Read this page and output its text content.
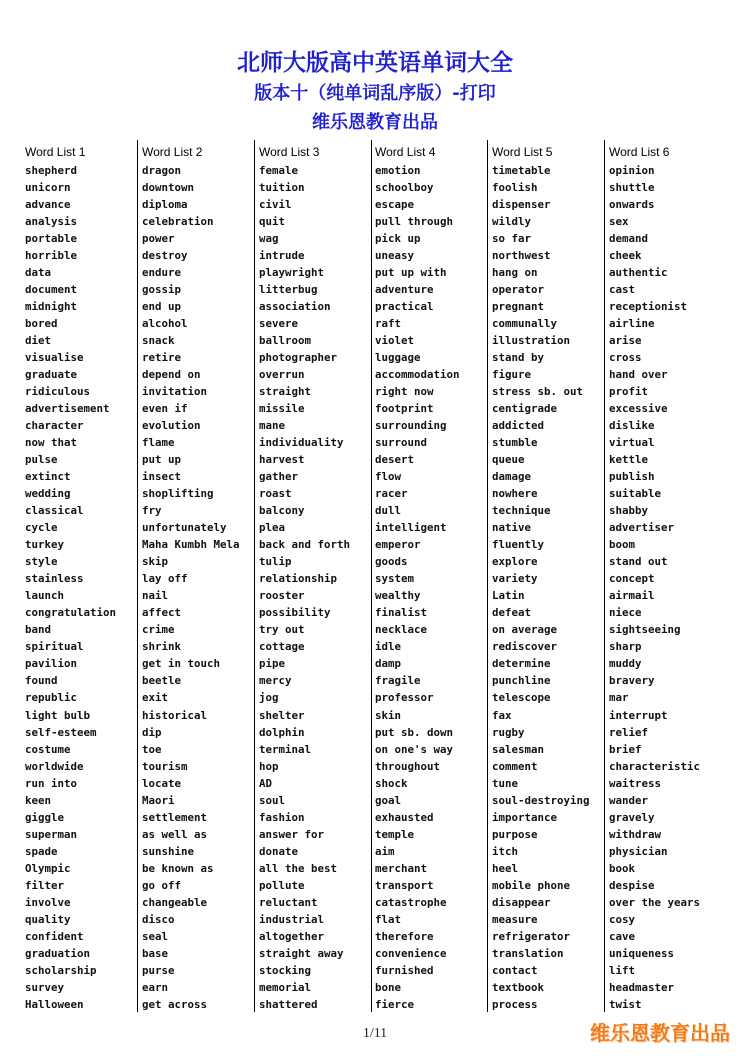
北师大版高中英语单词大全
版本十（纯单词乱序版）-打印
维乐恩教育出品
Word List 1
shepherd
unicorn
advance
analysis
portable
horrible
data
document
midnight
bored
diet
visualise
graduate
ridiculous
advertisement
character
now that
pulse
extinct
wedding
classical
cycle
turkey
style
stainless
launch
congratulation
band
spiritual
pavilion
found
republic
light bulb
self-esteem
costume
worldwide
run into
keen
giggle
superman
spade
Olympic
filter
involve
quality
confident
graduation
scholarship
survey
Halloween
Word List 2
dragon
downtown
diploma
celebration
power
destroy
endure
gossip
end up
alcohol
snack
retire
depend on
invitation
even if
evolution
flame
put up
insect
shoplifting
fry
unfortunately
Maha Kumbh Mela
skip
lay off
nail
affect
crime
shrink
get in touch
beetle
exit
historical
dip
toe
tourism
locate
Maori
settlement
as well as
sunshine
be known as
go off
changeable
disco
seal
base
purse
earn
get across
Word List 3
female
tuition
civil
quit
wag
intrude
playwright
litterbug
association
severe
ballroom
photographer
overrun
straight
missile
mane
individuality
harvest
gather
roast
balcony
plea
back and forth
tulip
relationship
rooster
possibility
try out
cottage
pipe
mercy
jog
shelter
dolphin
terminal
hop
AD
soul
fashion
answer for
donate
all the best
pollute
reluctant
industrial
altogether
straight away
stocking
memorial
shattered
Word List 4
emotion
schoolboy
escape
pull through
pick up
uneasy
put up with
adventure
practical
raft
violet
luggage
accommodation
right now
footprint
surrounding
surround
desert
flow
racer
dull
intelligent
emperor
goods
system
wealthy
finalist
necklace
idle
damp
fragile
professor
skin
put sb. down
on one's way
throughout
shock
goal
exhausted
temple
aim
merchant
transport
catastrophe
flat
therefore
convenience
furnished
bone
fierce
Word List 5
timetable
foolish
dispenser
wildly
so far
northwest
hang on
operator
pregnant
communally
illustration
stand by
figure
stress sb. out
centigrade
addicted
stumble
queue
damage
nowhere
technique
native
fluently
explore
variety
Latin
defeat
on average
rediscover
determine
punchline
telescope
fax
rugby
salesman
comment
tune
soul-destroying
importance
purpose
itch
heel
mobile phone
disappear
measure
refrigerator
translation
contact
textbook
process
Word List 6
opinion
shuttle
onwards
sex
demand
cheek
authentic
cast
receptionist
airline
arise
cross
hand over
profit
excessive
dislike
virtual
kettle
publish
suitable
shabby
advertiser
boom
stand out
concept
airmail
niece
sightseeing
sharp
muddy
bravery
mar
interrupt
relief
brief
characteristic
waitress
wander
gravely
withdraw
physician
book
despise
over the years
cosy
cave
uniqueness
lift
headmaster
twist
1/11	维乐恩教育出品
